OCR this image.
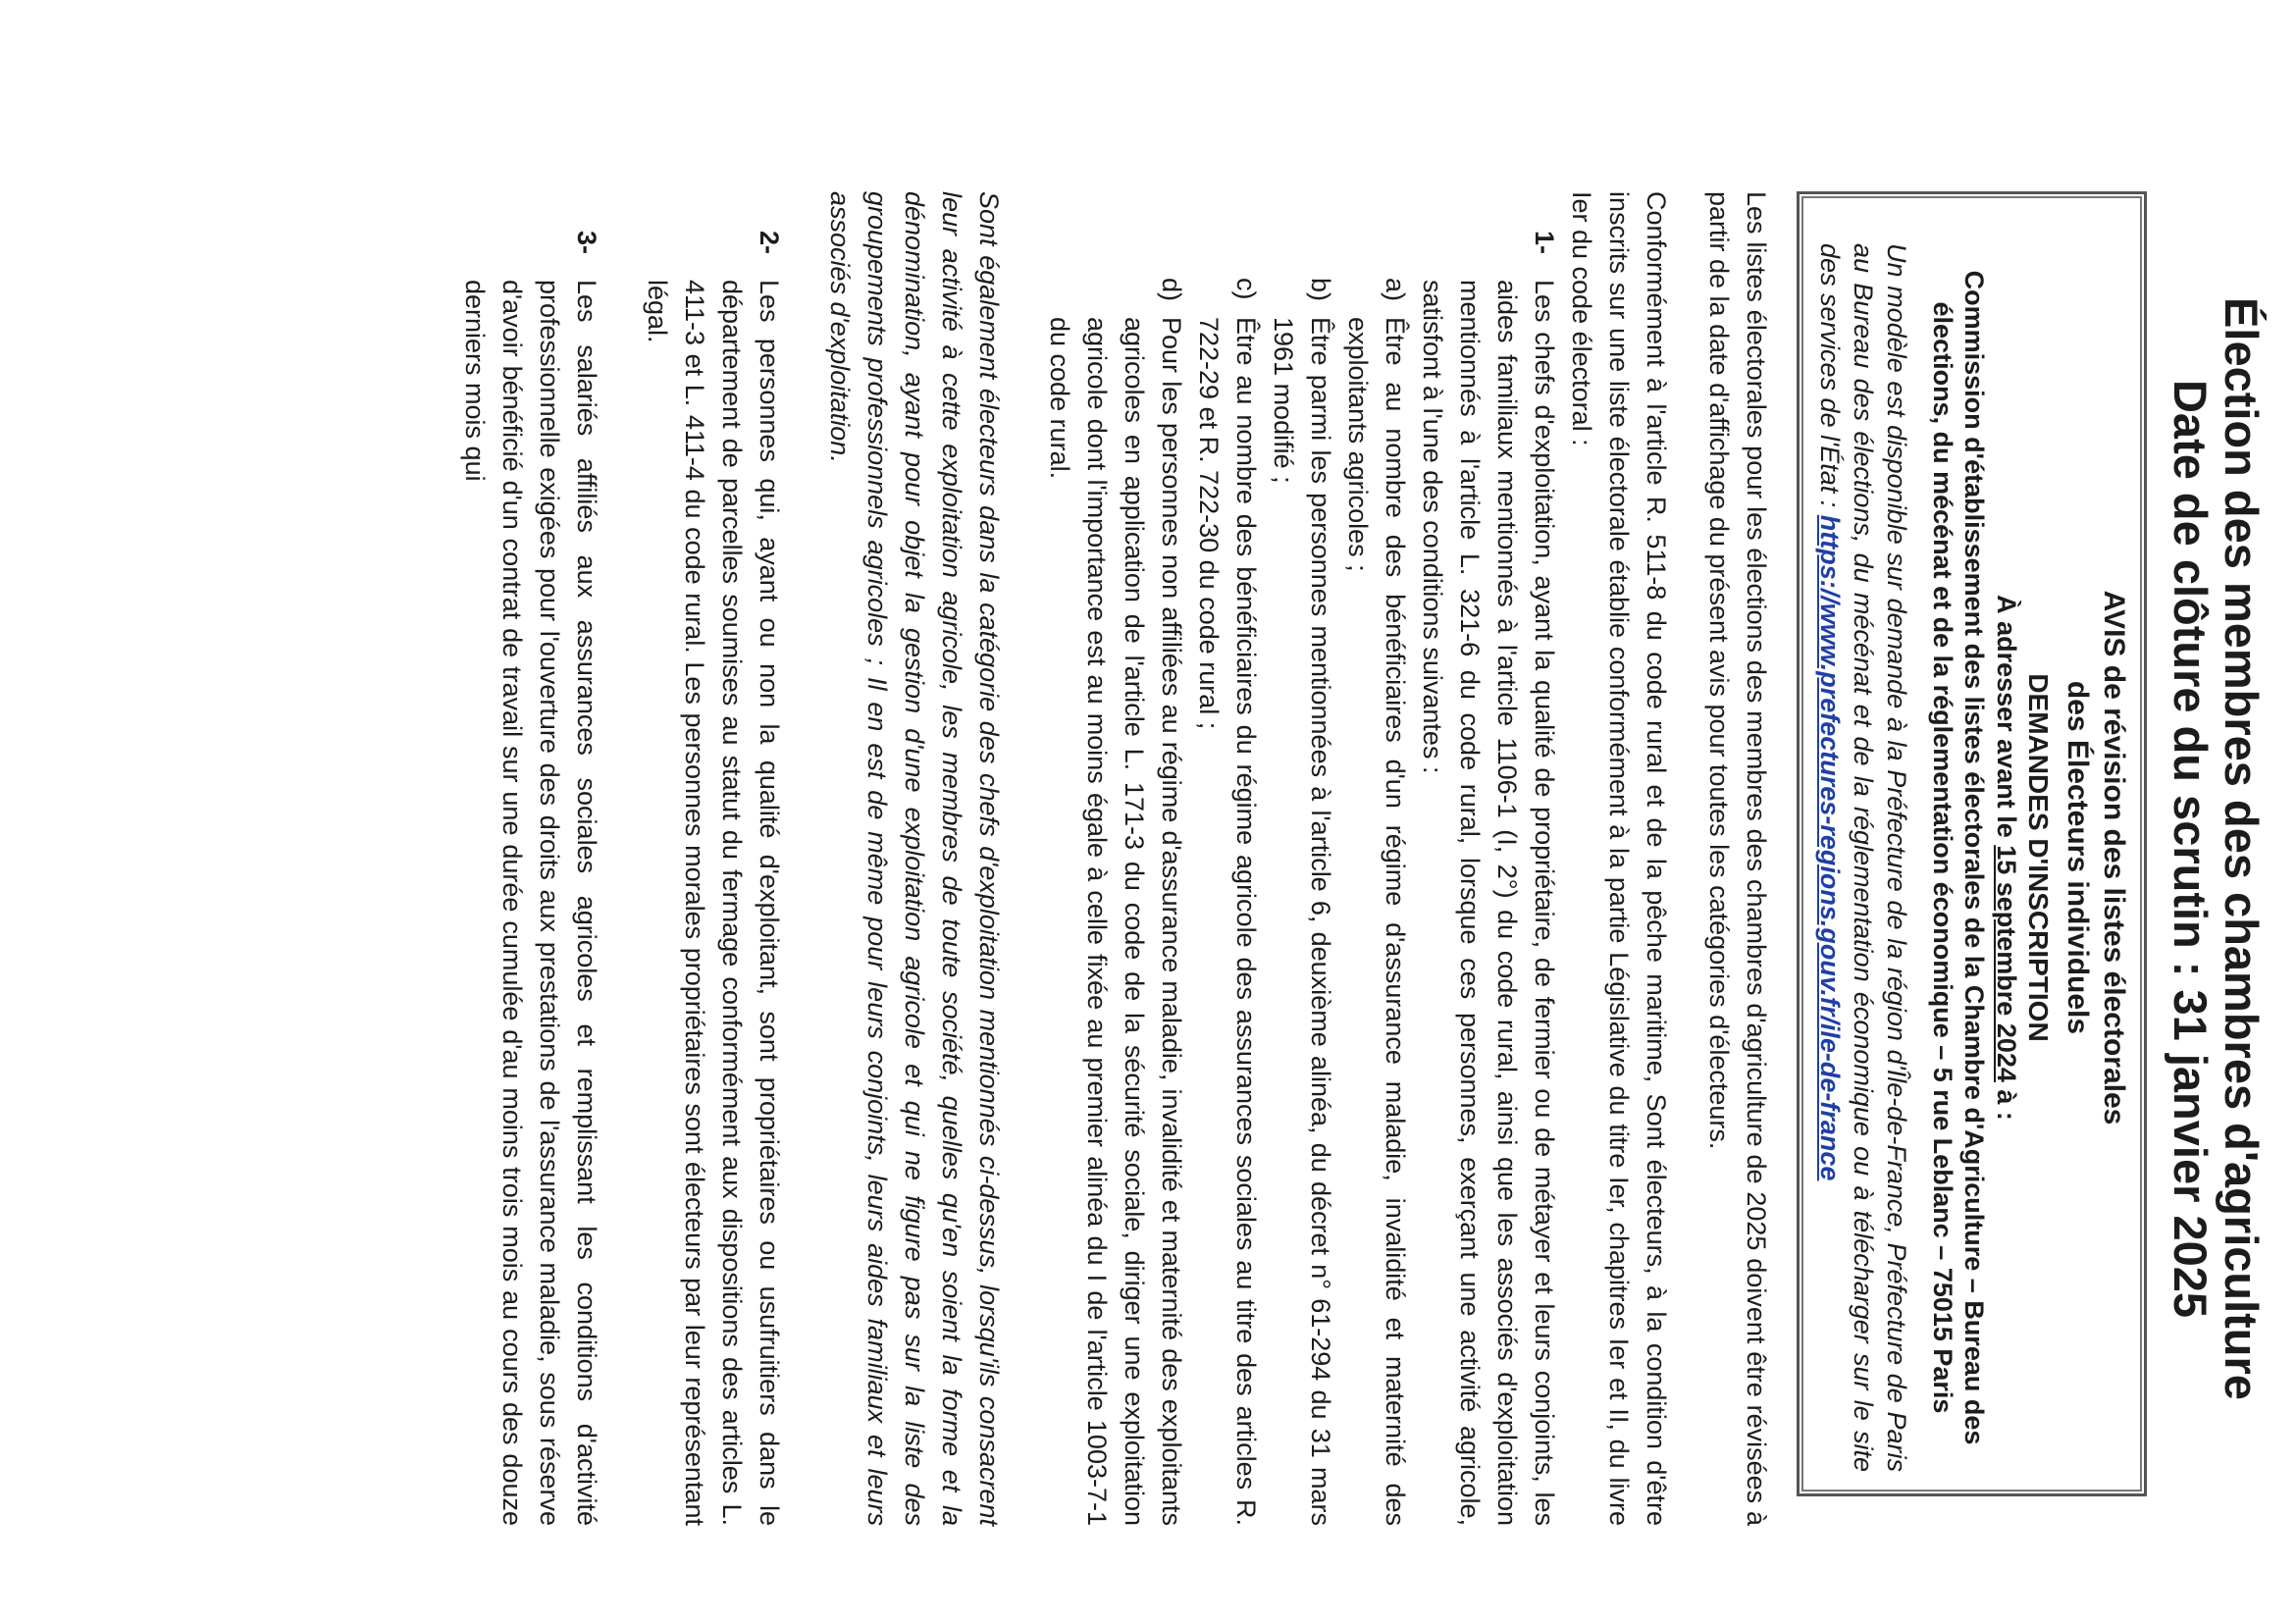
Élection des membres des chambres d'agriculture
Date de clôture du scrutin : 31 janvier 2025
AVIS de révision des listes électorales
des Électeurs individuels
DEMANDES D'INSCRIPTION
À adresser avant le 15 septembre 2024 à :
Commission d'établissement des listes électorales de la Chambre d'Agriculture – Bureau des
élections, du mécénat et de la réglementation économique – 5 rue Leblanc – 75015 Paris

Un modèle est disponible sur demande à la Préfecture de la région d'Île-de-France, Préfecture de Paris au Bureau des élections, du mécénat et de la réglementation économique ou à télécharger sur le site des services de l'État : https://www.prefectures-regions.gouv.fr/ile-de-france

Les listes électorales pour les élections des membres des chambres d'agriculture de 2025 doivent être révisées à partir de la date d'affichage du présent avis pour toutes les catégories d'électeurs.

Conformément à l'article R. 511-8 du code rural et de la pêche maritime, Sont électeurs, à la condition d'être inscrits sur une liste électorale établie conformément à la partie Législative du titre Ier, chapitres Ier et II, du livre Ier du code électoral :

1-
Les chefs d'exploitation, ayant la qualité de propriétaire, de fermier ou de métayer et leurs conjoints, les aides familiaux mentionnés à l'article 1106-1 (I, 2°) du code rural, ainsi que les associés d'exploitation mentionnés à l'article L. 321-6 du code rural, lorsque ces personnes, exerçant une activité agricole, satisfont à l'une des conditions suivantes :
a)
Être au nombre des bénéficiaires d'un régime d'assurance maladie, invalidité et maternité des exploitants agricoles ;
b)
Être parmi les personnes mentionnées à l'article 6, deuxième alinéa, du décret n° 61-294 du 31 mars 1961 modifié ;
c)
Être au nombre des bénéficiaires du régime agricole des assurances sociales au titre des articles R. 722-29 et R. 722-30 du code rural ;
d)
Pour les personnes non affiliées au régime d'assurance maladie, invalidité et maternité des exploitants agricoles en application de l'article L. 171-3 du code de la sécurité sociale, diriger une exploitation agricole dont l'importance est au moins égale à celle fixée au premier alinéa du I de l'article 1003-7-1 du code rural.

Sont également électeurs dans la catégorie des chefs d'exploitation mentionnés ci-dessus, lorsqu'ils consacrent leur activité à cette exploitation agricole, les membres de toute société, quelles qu'en soient la forme et la dénomination, ayant pour objet la gestion d'une exploitation agricole et qui ne figure pas sur la liste des groupements professionnels agricoles ; Il en est de même pour leurs conjoints, leurs aides familiaux et leurs associés d'exploitation.

2-
Les personnes qui, ayant ou non la qualité d'exploitant, sont propriétaires ou usufruitiers dans le département de parcelles soumises au statut du fermage conformément aux dispositions des articles L. 411-3 et L. 411-4 du code rural. Les personnes morales propriétaires sont électeurs par leur représentant légal.
3-
Les salariés affiliés aux assurances sociales agricoles et remplissant les conditions d'activité professionnelle exigées pour l'ouverture des droits aux prestations de l'assurance maladie, sous réserve d'avoir bénéficié d'un contrat de travail sur une durée cumulée d'au moins trois mois au cours des douze derniers mois qui
